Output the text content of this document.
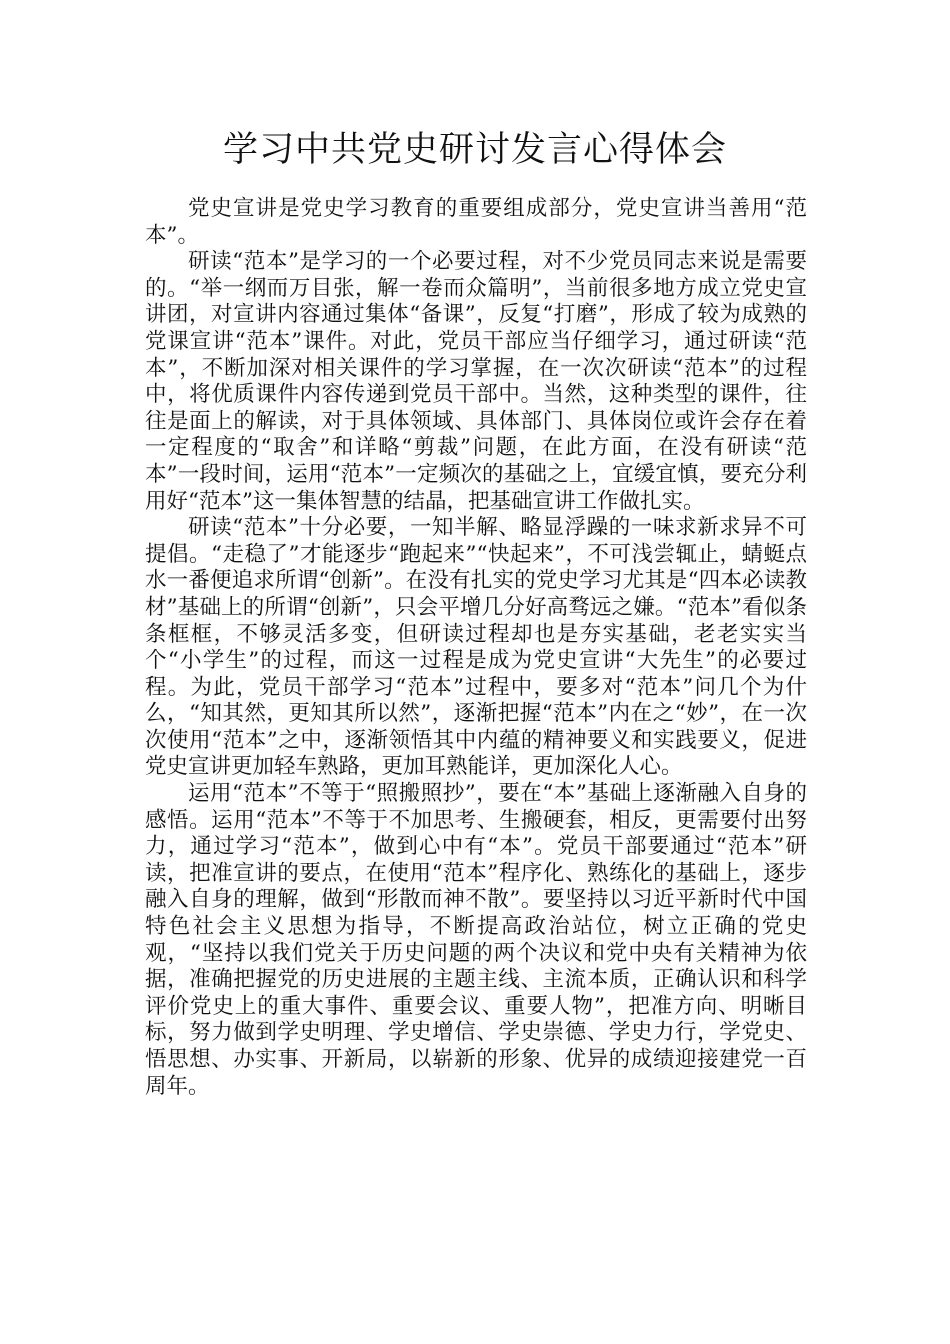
学习中共党史研讨发言心得体会

党史宣讲是党史学习教育的重要组成部分，党史宣讲当善用“范本”。

研读“范本”是学习的一个必要过程，对不少党员同志来说是需要的。“举一纲而万目张，解一卷而众篇明”，当前很多地方成立党史宣讲团，对宣讲内容通过集体“备课”，反复“打磨”，形成了较为成熟的党课宣讲“范本”课件。对此，党员干部应当仔细学习，通过研读“范本”，不断加深对相关课件的学习掌握，在一次次研读“范本”的过程中，将优质课件内容传递到党员干部中。当然，这种类型的课件，往往是面上的解读，对于具体领域、具体部门、具体岗位或许会存在着一定程度的“取舍”和详略“剪裁”问题，在此方面，在没有研读“范本”一段时间，运用“范本”一定频次的基础之上，宜缓宜慎，要充分利用好“范本”这一集体智慧的结晶，把基础宣讲工作做扎实。

研读“范本”十分必要，一知半解、略显浮躁的一味求新求异不可提倡。“走稳了”才能逐步“跑起来”“快起来”，不可浅尝辄止，蜻蜓点水一番便追求所谓“创新”。在没有扎实的党史学习尤其是“四本必读教材”基础上的所谓“创新”，只会平增几分好高骛远之嫌。“范本”看似条条框框，不够灵活多变，但研读过程却也是夯实基础，老老实实当个“小学生”的过程，而这一过程是成为党史宣讲“大先生”的必要过程。为此，党员干部学习“范本”过程中，要多对“范本”问几个为什么，“知其然，更知其所以然”，逐渐把握“范本”内在之“妙”，在一次次使用“范本”之中，逐渐领悟其中内蕴的精神要义和实践要义，促进党史宣讲更加轻车熟路，更加耳熟能详，更加深化人心。

运用“范本”不等于“照搬照抄”，要在“本”基础上逐渐融入自身的感悟。运用“范本”不等于不加思考、生搬硬套，相反，更需要付出努力，通过学习“范本”，做到心中有“本”。党员干部要通过“范本”研读，把准宣讲的要点，在使用“范本”程序化、熟练化的基础上，逐步融入自身的理解，做到“形散而神不散”。要坚持以习近平新时代中国特色社会主义思想为指导，不断提高政治站位，树立正确的党史观，“坚持以我们党关于历史问题的两个决议和党中央有关精神为依据，准确把握党的历史进展的主题主线、主流本质，正确认识和科学评价党史上的重大事件、重要会议、重要人物”，把准方向、明晰目标，努力做到学史明理、学史增信、学史崇德、学史力行，学党史、悟思想、办实事、开新局，以崭新的形象、优异的成绩迎接建党一百周年。
